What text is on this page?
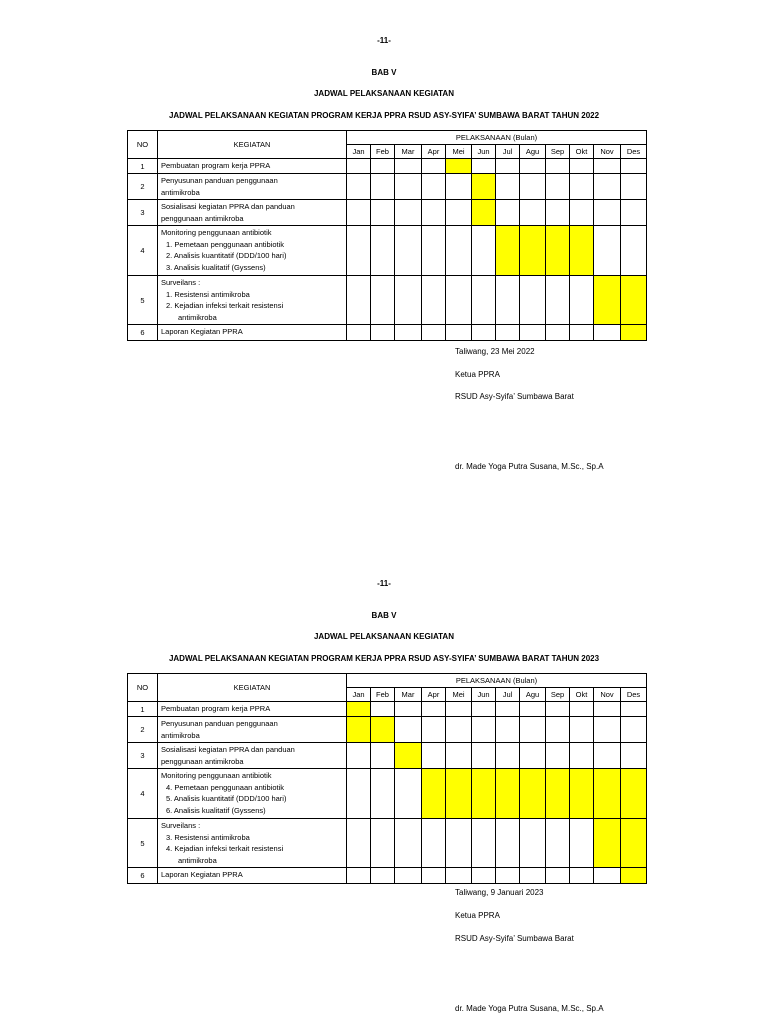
-11-
BAB V
JADWAL PELAKSANAAN KEGIATAN
JADWAL PELAKSANAAN KEGIATAN PROGRAM KERJA PPRA RSUD ASY-SYIFA’ SUMBAWA BARAT TAHUN 2022
NO	KEGIATAN	PELAKSANAAN (Bulan)											
		Jan	Feb	Mar	Apr	Mei	Jun	Jul	Agu	Sep	Okt	Nov	Des
1	Pembuatan program kerja PPRA												

2	Penyusunan panduan penggunaan
antimikroba												

3	Sosialisasi kegiatan PPRA dan panduan
penggunaan antimikroba												

4	Monitoring penggunaan antibiotik
1. Pemetaan penggunaan antibiotik
2. Analisis kuantitatif (DDD/100 hari)
3. Analisis kualitatif (Gyssens)												

5	Surveilans :
1. Resistensi antimikroba
2. Kejadian infeksi terkait resistensi
antimikroba												

6	Laporan Kegiatan PPRA												

Taliwang, 23 Mei 2022
Ketua PPRA
RSUD Asy-Syifa’ Sumbawa Barat
dr. Made Yoga Putra Susana, M.Sc., Sp.A
-11-
BAB V
JADWAL PELAKSANAAN KEGIATAN
JADWAL PELAKSANAAN KEGIATAN PROGRAM KERJA PPRA RSUD ASY-SYIFA’ SUMBAWA BARAT TAHUN 2023
NO	KEGIATAN	PELAKSANAAN (Bulan)											
		Jan	Feb	Mar	Apr	Mei	Jun	Jul	Agu	Sep	Okt	Nov	Des
1	Pembuatan program kerja PPRA												

2	Penyusunan panduan penggunaan
antimikroba												

3	Sosialisasi kegiatan PPRA dan panduan
penggunaan antimikroba												

4	Monitoring penggunaan antibiotik
4. Pemetaan penggunaan antibiotik
5. Analisis kuantitatif (DDD/100 hari)
6. Analisis kualitatif (Gyssens)												

5	Surveilans :
3. Resistensi antimikroba
4. Kejadian infeksi terkait resistensi
antimikroba												

6	Laporan Kegiatan PPRA												

Taliwang, 9 Januari 2023
Ketua PPRA
RSUD Asy-Syifa’ Sumbawa Barat
dr. Made Yoga Putra Susana, M.Sc., Sp.A
